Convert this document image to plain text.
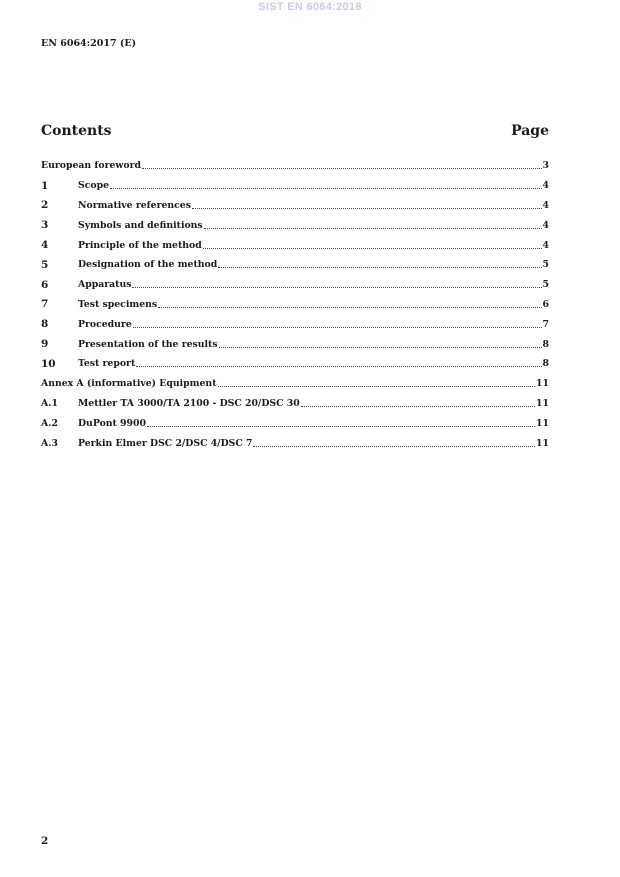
SIST EN 6064:2018
EN 6064:2017 (E)
Contents	Page
European foreword	3
1	Scope	4
2	Normative references	4
3	Symbols and definitions	4
4	Principle of the method	4
5	Designation of the method	5
6	Apparatus	5
7	Test specimens	6
8	Procedure	7
9	Presentation of the results	8
10	Test report	8
Annex A (informative) Equipment	11
A.1	Mettler TA 3000/TA 2100 - DSC 20/DSC 30	11
A.2	DuPont 9900	11
A.3	Perkin Elmer DSC 2/DSC 4/DSC 7	11
2
